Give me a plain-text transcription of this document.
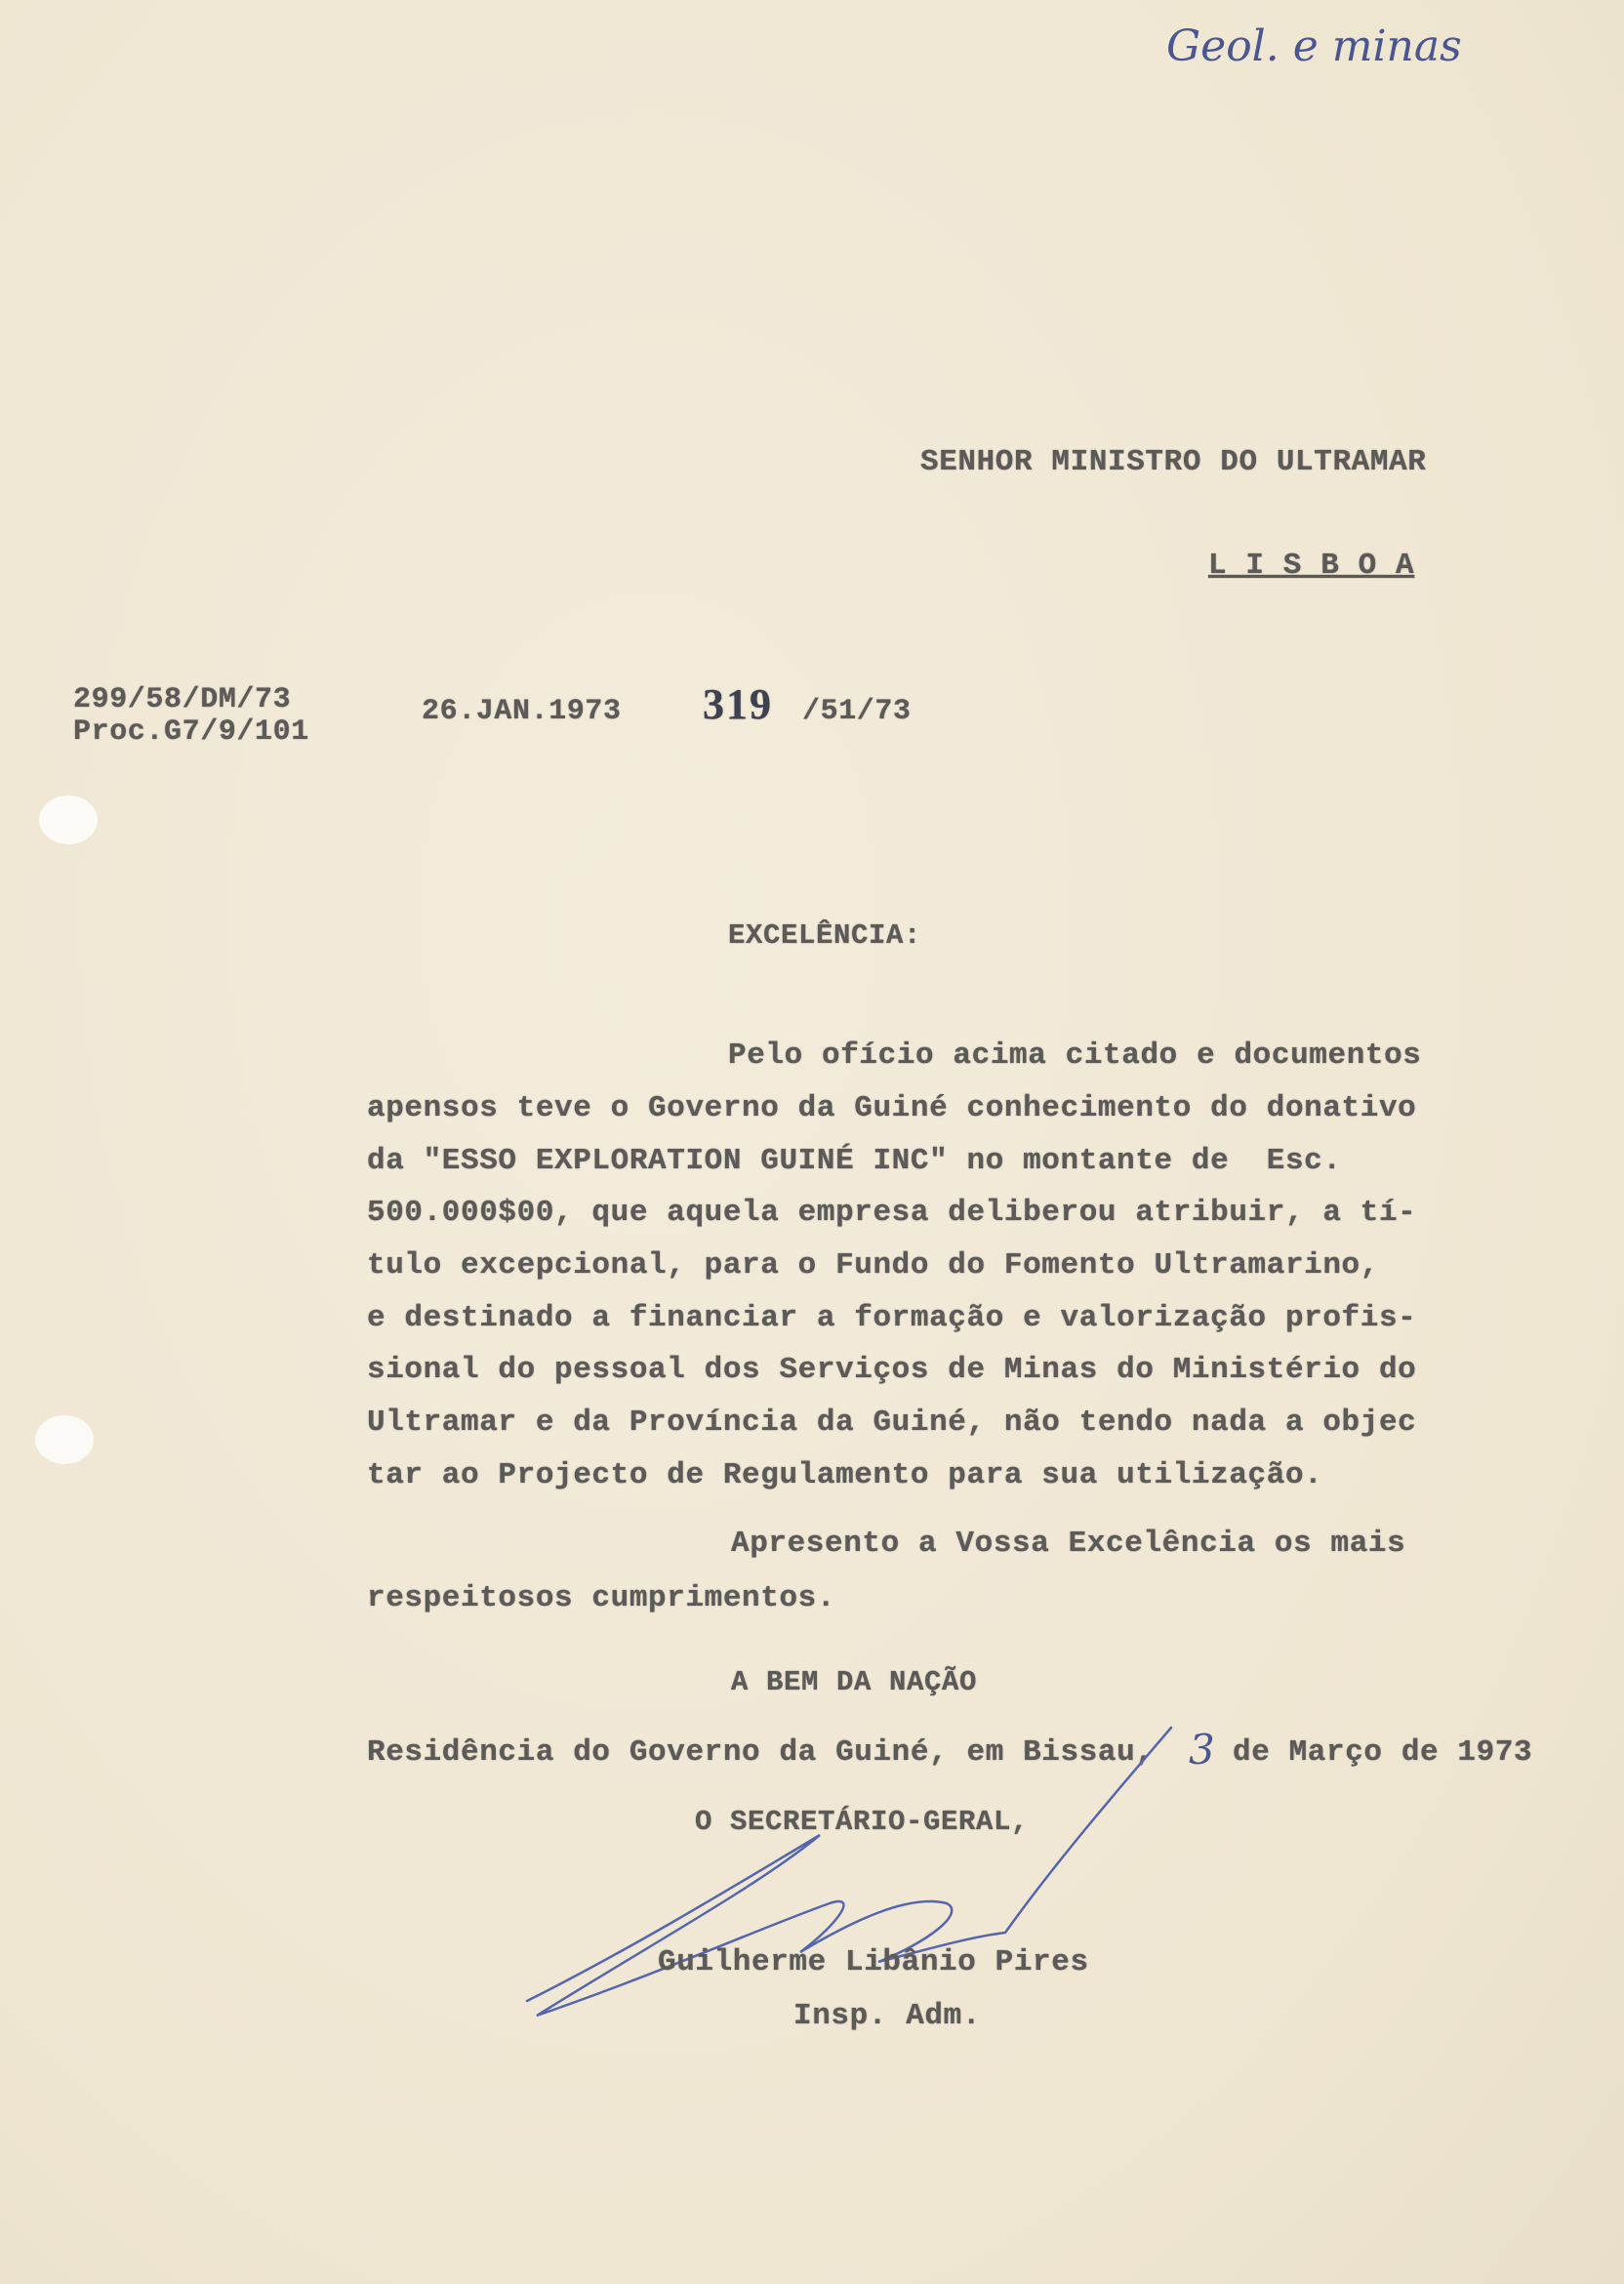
Geol. e minas
SENHOR MINISTRO DO ULTRAMAR
L I S B O A
299/58/DM/73
Proc.G7/9/101
26.JAN.1973 319 /51/73
EXCELÊNCIA:
Pelo ofício acima citado e documentos
apensos teve o Governo da Guiné conhecimento do donativo
da "ESSO EXPLORATION GUINÉ INC" no montante de  Esc.
500.000$00, que aquela empresa deliberou atribuir, a tí-
tulo excepcional, para o Fundo do Fomento Ultramarino,
e destinado a financiar a formação e valorização profis-
sional do pessoal dos Serviços de Minas do Ministério do
Ultramar e da Província da Guiné, não tendo nada a objec
tar ao Projecto de Regulamento para sua utilização.
Apresento a Vossa Excelência os mais
respeitosos cumprimentos.
A BEM DA NAÇÃO
Residência do Governo da Guiné, em Bissau, 3 de Março de 1973
O SECRETÁRIO-GERAL,
Guilherme Libânio Pires
Insp. Adm.
